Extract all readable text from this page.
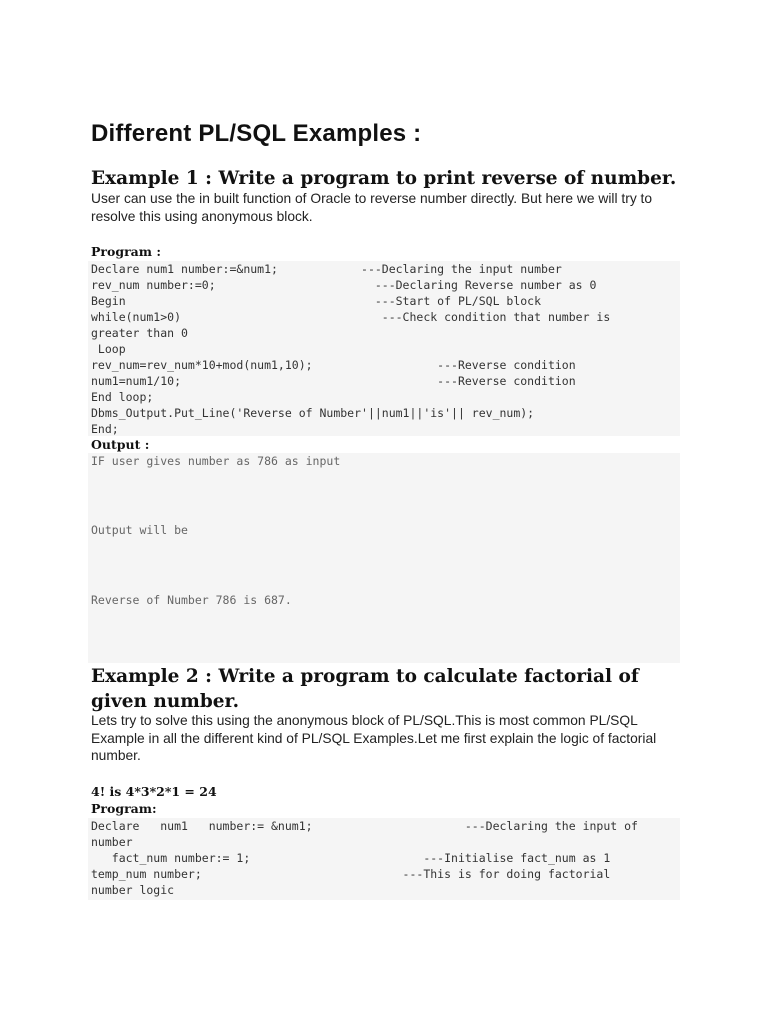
Different PL/SQL Examples :
Example 1 : Write a program to print reverse of number.
User can use the in built function of Oracle to reverse number directly. But here we will try to resolve this using anonymous block.
Program :
Declare num1 number:=&num1;            ---Declaring the input number
rev_num number:=0;                       ---Declaring Reverse number as 0
Begin                                    ---Start of PL/SQL block
while(num1>0)                             ---Check condition that number is
greater than 0
Loop
rev_num=rev_num*10+mod(num1,10);                  ---Reverse condition
num1=num1/10;                                     ---Reverse condition
End loop;
Dbms_Output.Put_Line('Reverse of Number'||num1||'is'|| rev_num);
End;
Output :
IF user gives number as 786 as input
Output will be
Reverse of Number 786 is 687.
Example 2 : Write a program to calculate factorial of given number.
Lets try to solve this using the anonymous block of PL/SQL.This is most common PL/SQL Example in all the different kind of PL/SQL Examples.Let me first explain the logic of factorial number.
4! is 4*3*2*1 = 24
Program:
Declare   num1   number:= &num1;                      ---Declaring the input of
number
fact_num number:= 1;                         ---Initialise fact_num as 1
temp_num number;                             ---This is for doing factorial
number logic
